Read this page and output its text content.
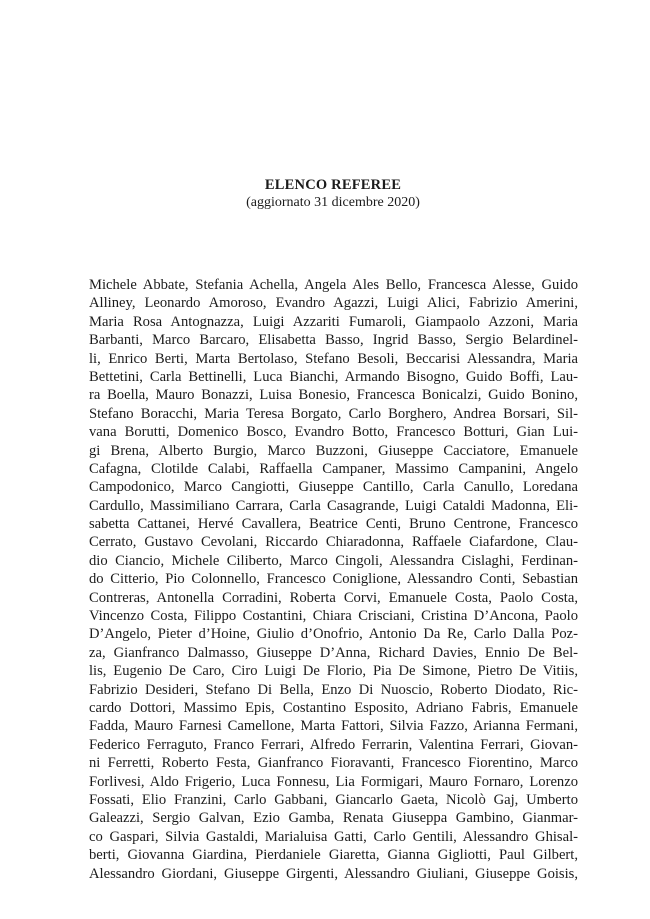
ELENCO REFEREE

(aggiornato 31 dicembre 2020)

Michele Abbate, Stefania Achella, Angela Ales Bello, Francesca Alesse, Guido
Alliney, Leonardo Amoroso, Evandro Agazzi, Luigi Alici, Fabrizio Amerini,
Maria Rosa Antognazza, Luigi Azzariti Fumaroli, Giampaolo Azzoni, Maria
Barbanti, Marco Barcaro, Elisabetta Basso, Ingrid Basso, Sergio Belardinel-
li, Enrico Berti, Marta Bertolaso, Stefano Besoli, Beccarisi Alessandra, Maria
Bettetini, Carla Bettinelli, Luca Bianchi, Armando Bisogno, Guido Boffi, Lau-
ra Boella, Mauro Bonazzi, Luisa Bonesio, Francesca Bonicalzi, Guido Bonino,
Stefano Boracchi, Maria Teresa Borgato, Carlo Borghero, Andrea Borsari, Sil-
vana Borutti, Domenico Bosco, Evandro Botto, Francesco Botturi, Gian Lui-
gi Brena, Alberto Burgio, Marco Buzzoni, Giuseppe Cacciatore, Emanuele
Cafagna, Clotilde Calabi, Raffaella Campaner, Massimo Campanini, Angelo
Campodonico, Marco Cangiotti, Giuseppe Cantillo, Carla Canullo, Loredana
Cardullo, Massimiliano Carrara, Carla Casagrande, Luigi Cataldi Madonna, Eli-
sabetta Cattanei, Hervé Cavallera, Beatrice Centi, Bruno Centrone, Francesco
Cerrato, Gustavo Cevolani, Riccardo Chiaradonna, Raffaele Ciafardone, Clau-
dio Ciancio, Michele Ciliberto, Marco Cingoli, Alessandra Cislaghi, Ferdinan-
do Citterio, Pio Colonnello, Francesco Coniglione, Alessandro Conti, Sebastian
Contreras, Antonella Corradini, Roberta Corvi, Emanuele Costa, Paolo Costa,
Vincenzo Costa, Filippo Costantini, Chiara Crisciani, Cristina D’Ancona, Paolo
D’Angelo, Pieter d’Hoine, Giulio d’Onofrio, Antonio Da Re, Carlo Dalla Poz-
za, Gianfranco Dalmasso, Giuseppe D’Anna, Richard Davies, Ennio De Bel-
lis, Eugenio De Caro, Ciro Luigi De Florio, Pia De Simone, Pietro De Vitiis,
Fabrizio Desideri, Stefano Di Bella, Enzo Di Nuoscio, Roberto Diodato, Ric-
cardo Dottori, Massimo Epis, Costantino Esposito, Adriano Fabris, Emanuele
Fadda, Mauro Farnesi Camellone, Marta Fattori, Silvia Fazzo, Arianna Fermani,
Federico Ferraguto, Franco Ferrari, Alfredo Ferrarin, Valentina Ferrari, Giovan-
ni Ferretti, Roberto Festa, Gianfranco Fioravanti, Francesco Fiorentino, Marco
Forlivesi, Aldo Frigerio, Luca Fonnesu, Lia Formigari, Mauro Fornaro, Lorenzo
Fossati, Elio Franzini, Carlo Gabbani, Giancarlo Gaeta, Nicolò Gaj, Umberto
Galeazzi, Sergio Galvan, Ezio Gamba, Renata Giuseppa Gambino, Gianmar-
co Gaspari, Silvia Gastaldi, Marialuisa Gatti, Carlo Gentili, Alessandro Ghisal-
berti, Giovanna Giardina, Pierdaniele Giaretta, Gianna Gigliotti, Paul Gilbert,
Alessandro Giordani, Giuseppe Girgenti, Alessandro Giuliani, Giuseppe Goisis,
